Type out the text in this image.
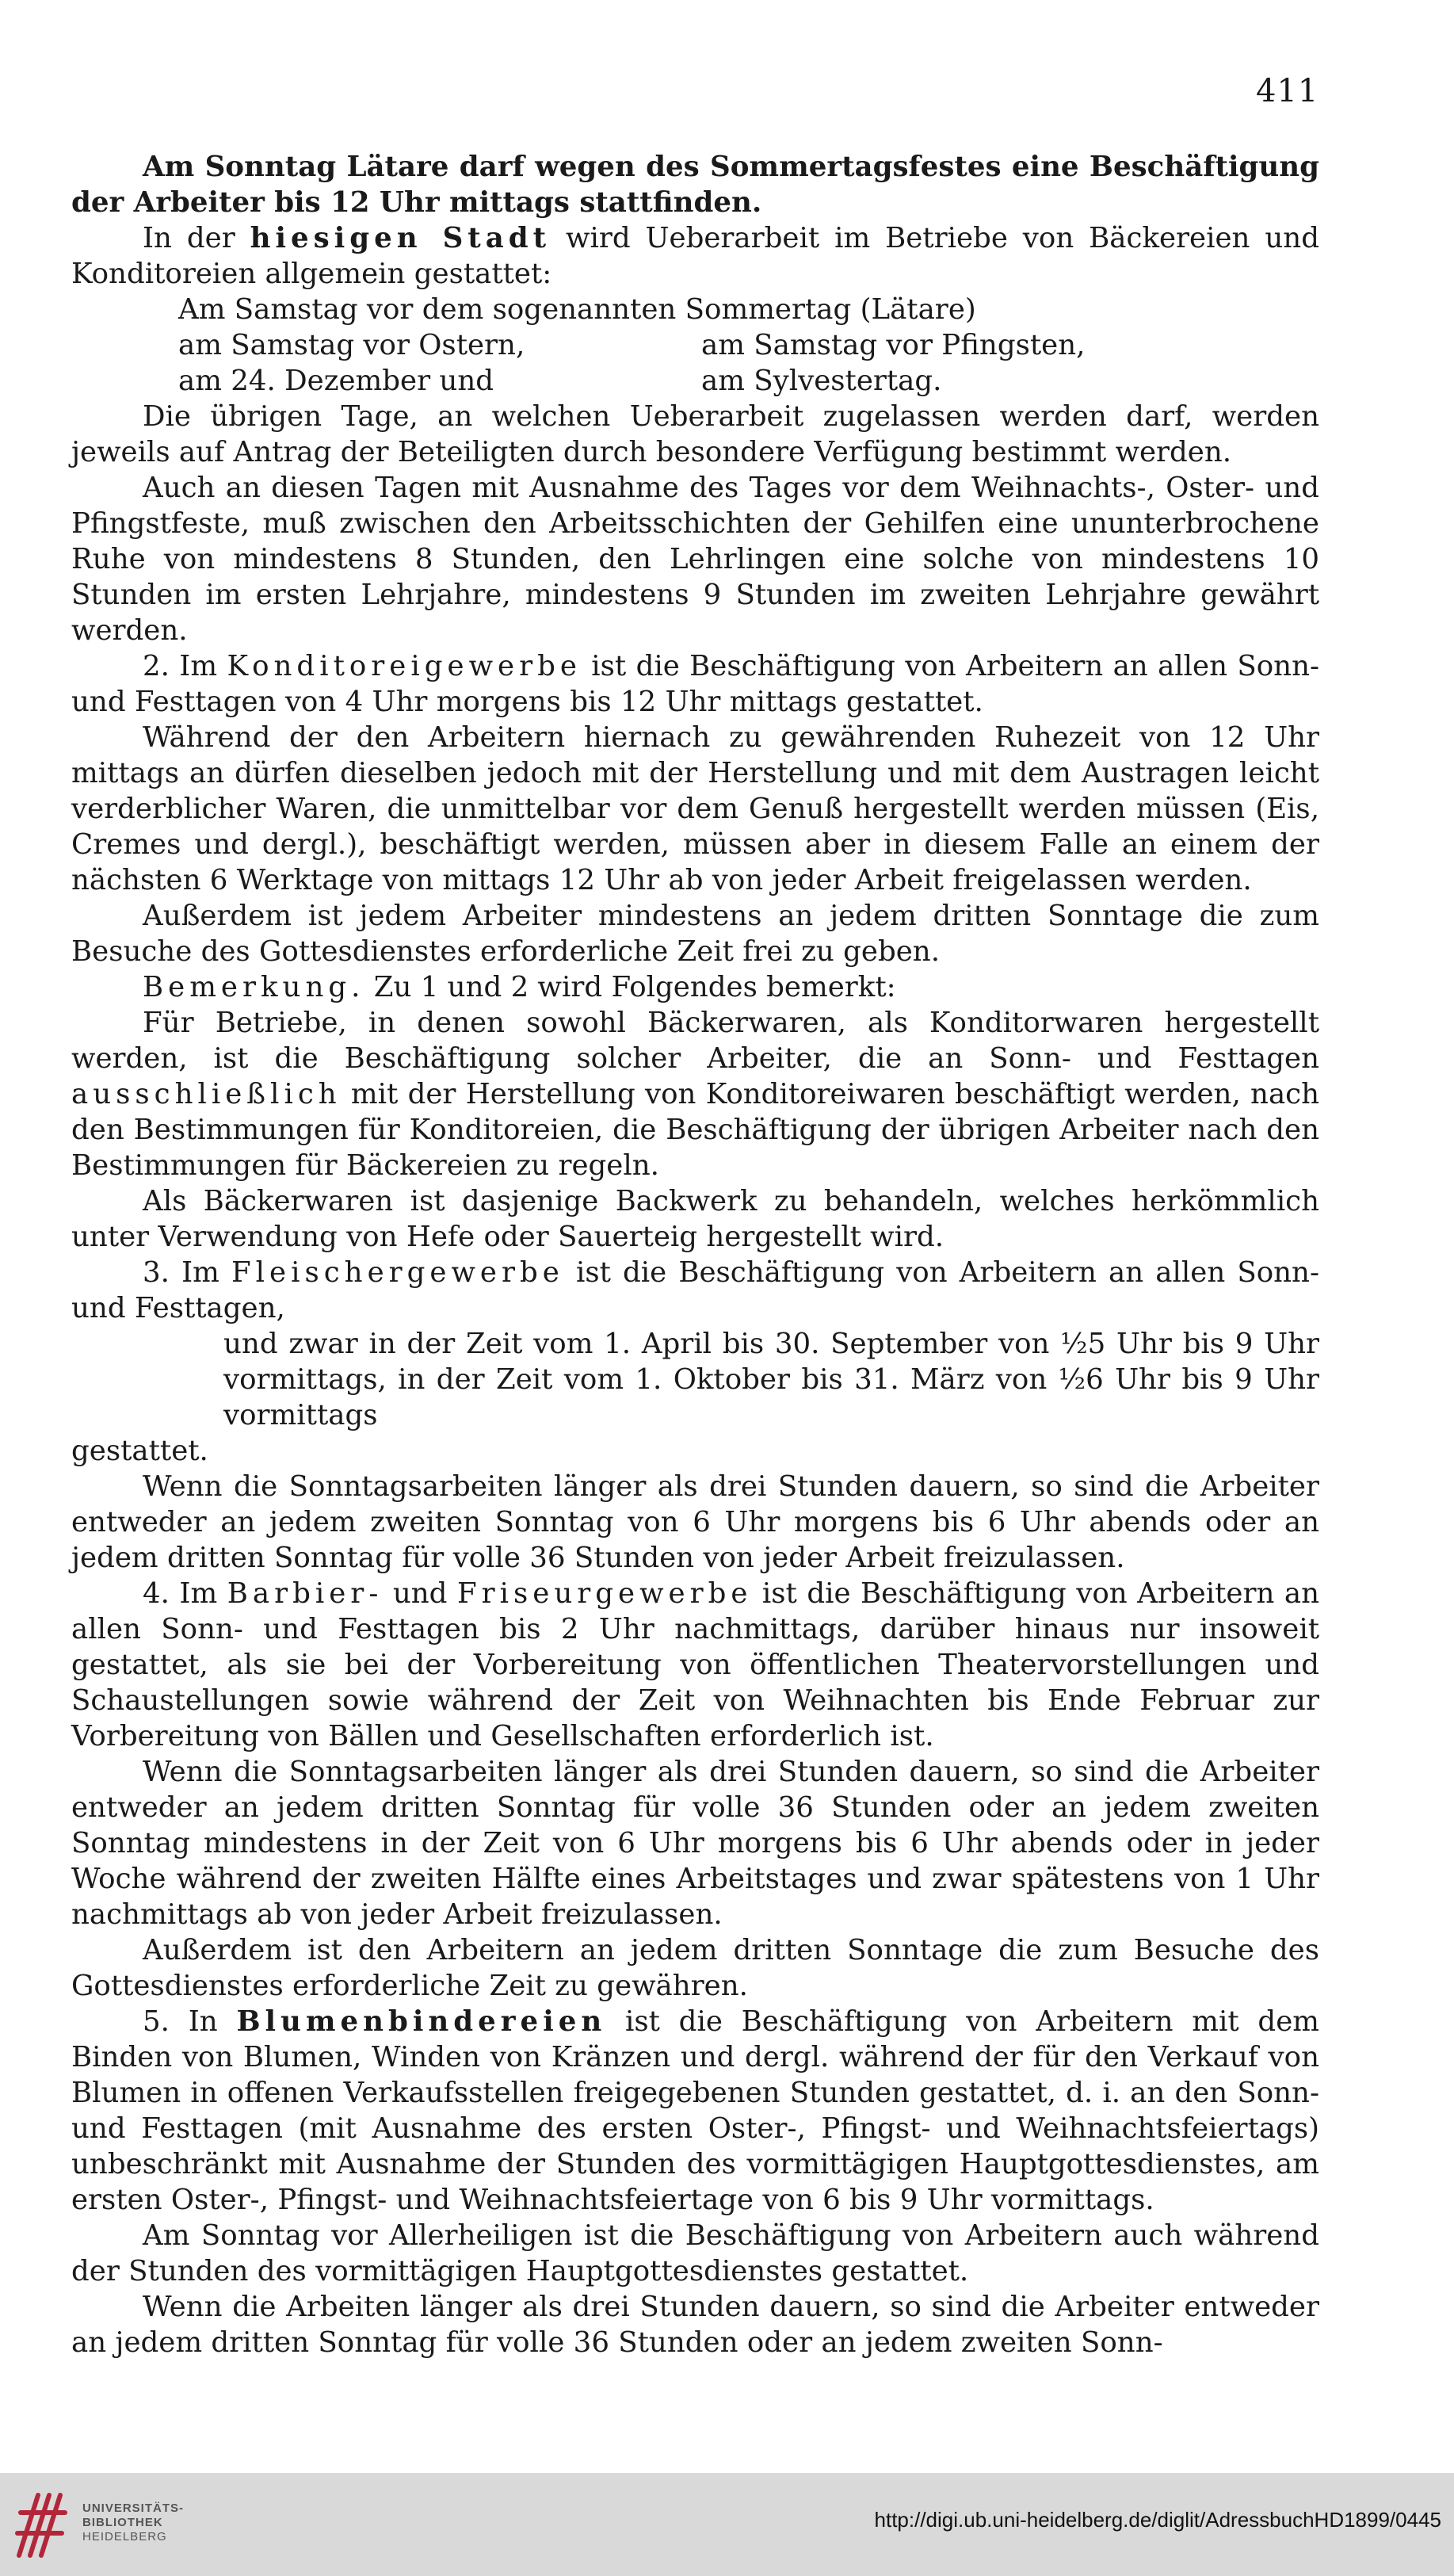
411

Am Sonntag Lätare darf wegen des Sommertagsfestes eine Beschäftigung der Arbeiter bis 12 Uhr mittags stattfinden.

In der hiesigen Stadt wird Ueberarbeit im Betriebe von Bäckereien und Konditoreien allgemein gestattet:

Am Samstag vor dem sogenannten Sommertag (Lätare)
am Samstag vor Ostern,	am Samstag vor Pfingsten,
am 24. Dezember und	am Sylvestertag.

Die übrigen Tage, an welchen Ueberarbeit zugelassen werden darf, werden jeweils auf Antrag der Beteiligten durch besondere Verfügung bestimmt werden.

Auch an diesen Tagen mit Ausnahme des Tages vor dem Weihnachts-, Oster- und Pfingstfeste, muß zwischen den Arbeitsschichten der Gehilfen eine ununterbrochene Ruhe von mindestens 8 Stunden, den Lehrlingen eine solche von mindestens 10 Stunden im ersten Lehrjahre, mindestens 9 Stunden im zweiten Lehrjahre gewährt werden.

2. Im Konditoreigewerbe ist die Beschäftigung von Arbeitern an allen Sonn- und Festtagen von 4 Uhr morgens bis 12 Uhr mittags gestattet.

Während der den Arbeitern hiernach zu gewährenden Ruhezeit von 12 Uhr mittags an dürfen dieselben jedoch mit der Herstellung und mit dem Austragen leicht verderblicher Waren, die unmittelbar vor dem Genuß hergestellt werden müssen (Eis, Cremes und dergl.), beschäftigt werden, müssen aber in diesem Falle an einem der nächsten 6 Werktage von mittags 12 Uhr ab von jeder Arbeit freigelassen werden.

Außerdem ist jedem Arbeiter mindestens an jedem dritten Sonntage die zum Besuche des Gottesdienstes erforderliche Zeit frei zu geben.

Bemerkung. Zu 1 und 2 wird Folgendes bemerkt:

Für Betriebe, in denen sowohl Bäckerwaren, als Konditorwaren hergestellt werden, ist die Beschäftigung solcher Arbeiter, die an Sonn- und Festtagen ausschließlich mit der Herstellung von Konditoreiwaren beschäftigt werden, nach den Bestimmungen für Konditoreien, die Beschäftigung der übrigen Arbeiter nach den Bestimmungen für Bäckereien zu regeln.

Als Bäckerwaren ist dasjenige Backwerk zu behandeln, welches herkömmlich unter Verwendung von Hefe oder Sauerteig hergestellt wird.

3. Im Fleischergewerbe ist die Beschäftigung von Arbeitern an allen Sonn- und Festtagen,

und zwar in der Zeit vom 1. April bis 30. September von ½5 Uhr bis 9 Uhr vormittags, in der Zeit vom 1. Oktober bis 31. März von ½6 Uhr bis 9 Uhr vormittags

gestattet.

Wenn die Sonntagsarbeiten länger als drei Stunden dauern, so sind die Arbeiter entweder an jedem zweiten Sonntag von 6 Uhr morgens bis 6 Uhr abends oder an jedem dritten Sonntag für volle 36 Stunden von jeder Arbeit freizulassen.

4. Im Barbier- und Friseurgewerbe ist die Beschäftigung von Arbeitern an allen Sonn- und Festtagen bis 2 Uhr nachmittags, darüber hinaus nur insoweit gestattet, als sie bei der Vorbereitung von öffentlichen Theatervorstellungen und Schaustellungen sowie während der Zeit von Weihnachten bis Ende Februar zur Vorbereitung von Bällen und Gesellschaften erforderlich ist.

Wenn die Sonntagsarbeiten länger als drei Stunden dauern, so sind die Arbeiter entweder an jedem dritten Sonntag für volle 36 Stunden oder an jedem zweiten Sonntag mindestens in der Zeit von 6 Uhr morgens bis 6 Uhr abends oder in jeder Woche während der zweiten Hälfte eines Arbeitstages und zwar spätestens von 1 Uhr nachmittags ab von jeder Arbeit freizulassen.

Außerdem ist den Arbeitern an jedem dritten Sonntage die zum Besuche des Gottesdienstes erforderliche Zeit zu gewähren.

5. In Blumenbindereien ist die Beschäftigung von Arbeitern mit dem Binden von Blumen, Winden von Kränzen und dergl. während der für den Verkauf von Blumen in offenen Verkaufsstellen freigegebenen Stunden gestattet, d. i. an den Sonn- und Festtagen (mit Ausnahme des ersten Oster-, Pfingst- und Weihnachtsfeiertags) unbeschränkt mit Ausnahme der Stunden des vormittägigen Hauptgottesdienstes, am ersten Oster-, Pfingst- und Weihnachtsfeiertage von 6 bis 9 Uhr vormittags.

Am Sonntag vor Allerheiligen ist die Beschäftigung von Arbeitern auch während der Stunden des vormittägigen Hauptgottesdienstes gestattet.

Wenn die Arbeiten länger als drei Stunden dauern, so sind die Arbeiter entweder an jedem dritten Sonntag für volle 36 Stunden oder an jedem zweiten Sonn-

UNIVERSITÄTS-
BIBLIOTHEK
HEIDELBERG
http://digi.ub.uni-heidelberg.de/diglit/AdressbuchHD1899/0445
